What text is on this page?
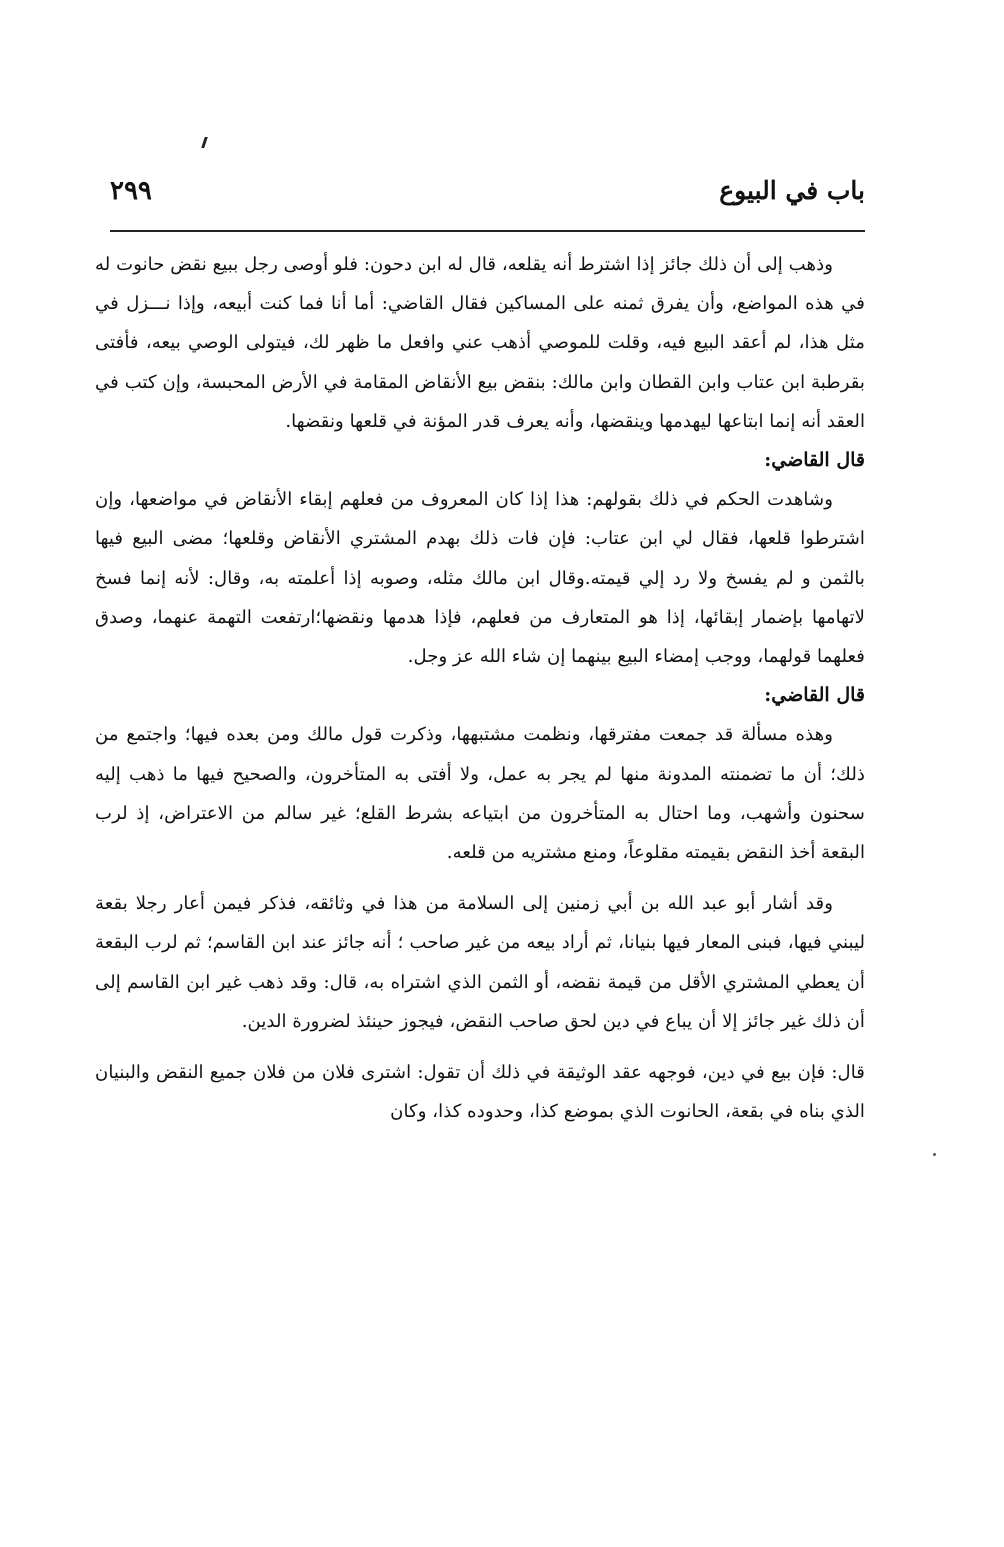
باب في البيوع
٢٩٩

وذهب إلى أن ذلك جائز إذا اشترط أنه يقلعه، قال له ابن دحون: فلو أوصى رجل ببيع نقض حانوت له في هذه المواضع، وأن يفرق ثمنه على المساكين فقال القاضي: أما أنا فما كنت أبيعه، وإذا نـــزل في مثل هذا، لم أعقد البيع فيه، وقلت للموصي أذهب عني وافعل ما ظهر لك، فيتولى الوصي بيعه، فأفتى بقرطبة ابن عتاب وابن القطان وابن مالك: بنقض بيع الأنقاض المقامة في الأرض المحبسة، وإن كتب في العقد أنه إنما ابتاعها ليهدمها وينقضها، وأنه يعرف قدر المؤنة في قلعها ونقضها.

قال القاضي:

وشاهدت الحكم في ذلك بقولهم: هذا إذا كان المعروف من فعلهم إبقاء الأنقاض في مواضعها، وإن اشترطوا قلعها، فقال لي ابن عتاب: فإن فات ذلك بهدم المشتري الأنقاض وقلعها؛ مضى البيع فيها بالثمن و لم يفسخ ولا رد إلي قيمته.وقال ابن مالك مثله، وصوبه إذا أعلمته به، وقال: لأنه إنما فسخ لاتهامها بإضمار إبقائها، إذا هو المتعارف من فعلهم، فإذا هدمها ونقضها؛ارتفعت التهمة عنهما، وصدق فعلهما قولهما، ووجب إمضاء البيع بينهما إن شاء الله عز وجل.

قال القاضي:

وهذه مسألة قد جمعت مفترقها، ونظمت مشتبهها، وذكرت قول مالك ومن بعده فيها؛ واجتمع من ذلك؛ أن ما تضمنته المدونة منها لم يجر به عمل، ولا أفتى به المتأخرون، والصحيح فيها ما ذهب إليه سحنون وأشهب، وما احتال به المتأخرون من ابتياعه بشرط القلع؛ غير سالم من الاعتراض، إذ لرب البقعة أخذ النقض بقيمته مقلوعاً، ومنع مشتريه من قلعه.

وقد أشار أبو عبد الله بن أبي زمنين إلى السلامة من هذا في وثائقه، فذكر فيمن أعار رجلا بقعة ليبني فيها، فبنى المعار فيها بنيانا، ثم أراد بيعه من غير صاحب ؛ أنه جائز عند ابن القاسم؛ ثم لرب البقعة أن يعطي المشتري الأقل من قيمة نقضه، أو الثمن الذي اشتراه به، قال: وقد ذهب غير ابن القاسم إلى أن ذلك غير جائز إلا أن يباع في دين لحق صاحب النقض، فيجوز حينئذ لضرورة الدين.

قال: فإن بيع في دين، فوجهه عقد الوثيقة في ذلك أن تقول: اشترى فلان من فلان جميع النقض والبنيان الذي بناه في بقعة، الحانوت الذي بموضع كذا، وحدوده كذا، وكان
